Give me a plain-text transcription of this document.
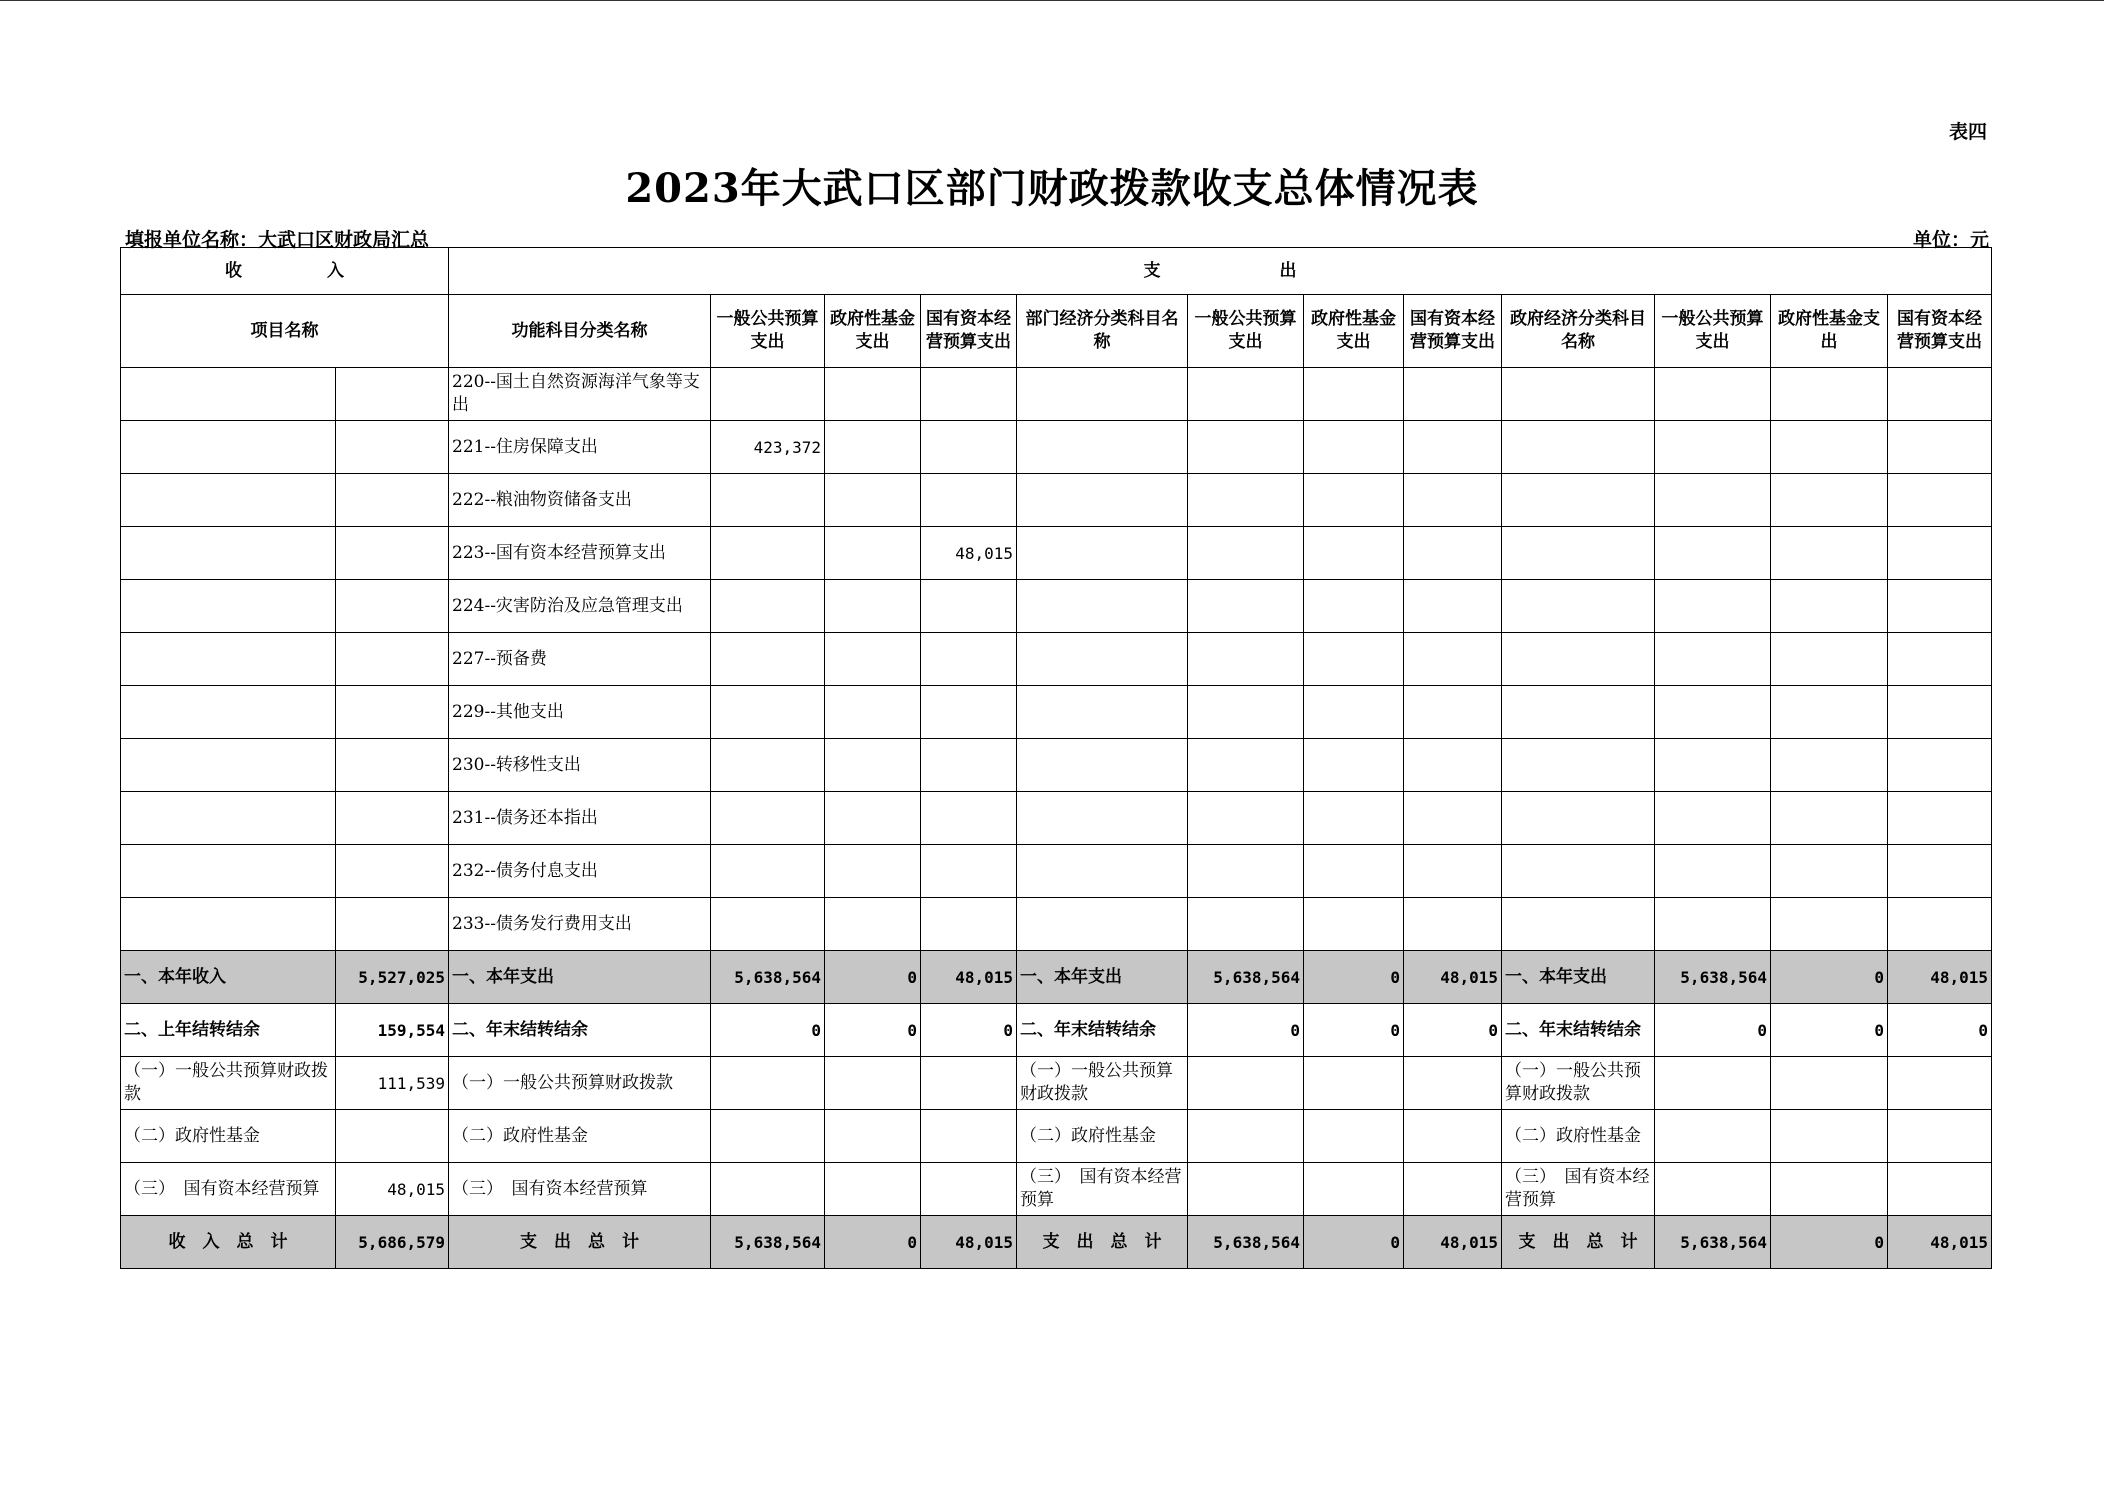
表四
2023年大武口区部门财政拨款收支总体情况表
填报单位名称：大武口区财政局汇总	单位：元
收　　　　　入		支　　　　　　　出											
项目名称		功能科目分类名称	一般公共预算支出	政府性基金支出	国有资本经营预算支出	部门经济分类科目名称	一般公共预算支出	政府性基金支出	国有资本经营预算支出	政府经济分类科目名称	一般公共预算支出	政府性基金支出	国有资本经营预算支出
		220--国土自然资源海洋气象等支出											
		221--住房保障支出	423,372										
		222--粮油物资储备支出											
		223--国有资本经营预算支出			48,015								
		224--灾害防治及应急管理支出											
		227--预备费											
		229--其他支出											
		230--转移性支出											
		231--债务还本指出											
		232--债务付息支出											
		233--债务发行费用支出											
一、本年收入	5,527,025	一、本年支出	5,638,564	0	48,015	一、本年支出	5,638,564	0	48,015	一、本年支出	5,638,564	0	48,015
二、上年结转结余	159,554	二、年末结转结余	0	0	0	二、年末结转结余	0	0	0	二、年末结转结余	0	0	0
（一）一般公共预算财政拨款	111,539	（一）一般公共预算财政拨款				（一）一般公共预算财政拨款				（一）一般公共预算财政拨款			
（二）政府性基金		（二）政府性基金				（二）政府性基金				（二）政府性基金			
（三）　国有资本经营预算	48,015	（三）　国有资本经营预算				（三）　国有资本经营预算				（三）　国有资本经营预算			
收　入　总　计	5,686,579	支　出　总　计	5,638,564	0	48,015	支　出　总　计	5,638,564	0	48,015	支　出　总　计	5,638,564	0	48,015
